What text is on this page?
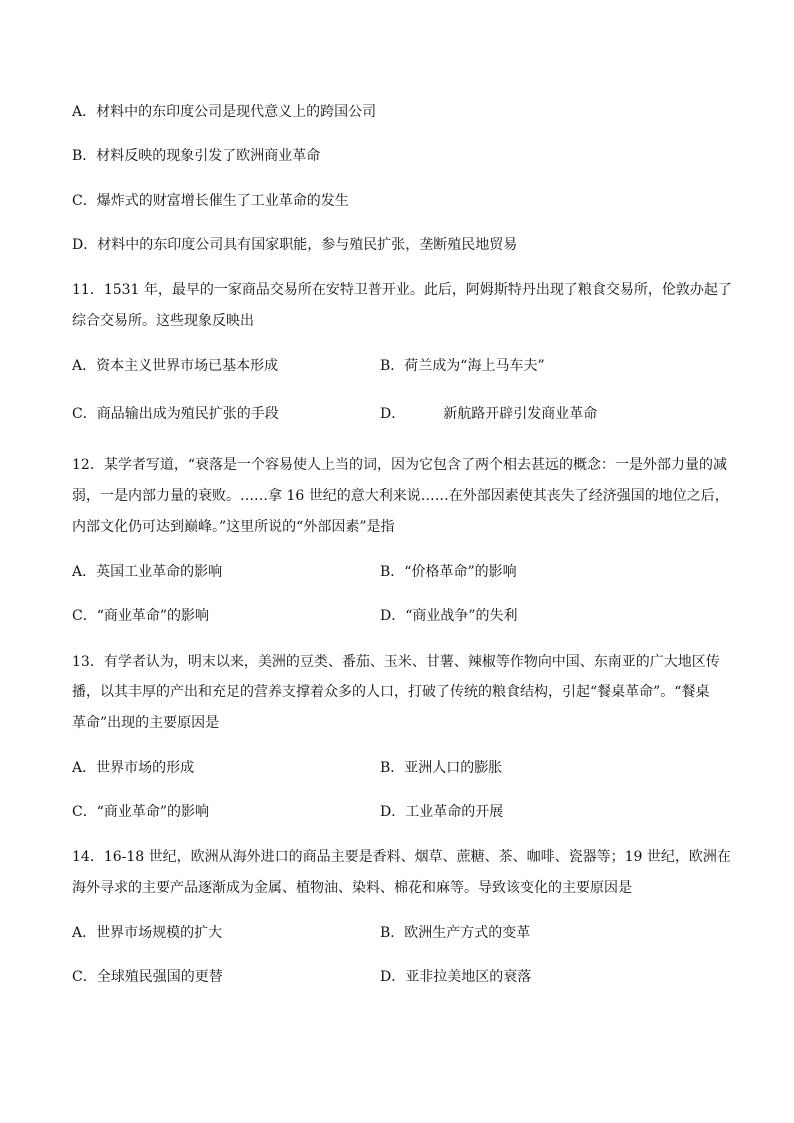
A．材料中的东印度公司是现代意义上的跨国公司
B．材料反映的现象引发了欧洲商业革命
C．爆炸式的财富增长催生了工业革命的发生
D．材料中的东印度公司具有国家职能，参与殖民扩张，垄断殖民地贸易
11．1531 年，最早的一家商品交易所在安特卫普开业。此后，阿姆斯特丹出现了粮食交易所，伦敦办起了
综合交易所。这些现象反映出
A．资本主义世界市场已基本形成	B．荷兰成为“海上马车夫”
C．商品输出成为殖民扩张的手段	D．	新航路开辟引发商业革命
12．某学者写道，“衰落是一个容易使人上当的词，因为它包含了两个相去甚远的概念：一是外部力量的减
弱，一是内部力量的衰败。……拿 16 世纪的意大利来说……在外部因素使其丧失了经济强国的地位之后，
内部文化仍可达到巅峰。”这里所说的“外部因素”是指
A．英国工业革命的影响	B．“价格革命”的影响
C．“商业革命”的影响	D．“商业战争”的失利
13．有学者认为，明末以来，美洲的豆类、番茄、玉米、甘薯、辣椒等作物向中国、东南亚的广大地区传
播，以其丰厚的产出和充足的营养支撑着众多的人口，打破了传统的粮食结构，引起“餐桌革命”。“餐桌
革命”出现的主要原因是
A．世界市场的形成	B．亚洲人口的膨胀
C．“商业革命”的影响	D．工业革命的开展
14．16-18 世纪，欧洲从海外进口的商品主要是香料、烟草、蔗糖、茶、咖啡、瓷器等；19 世纪，欧洲在
海外寻求的主要产品逐渐成为金属、植物油、染料、棉花和麻等。导致该变化的主要原因是
A．世界市场规模的扩大	B．欧洲生产方式的变革
C．全球殖民强国的更替	D．亚非拉美地区的衰落
